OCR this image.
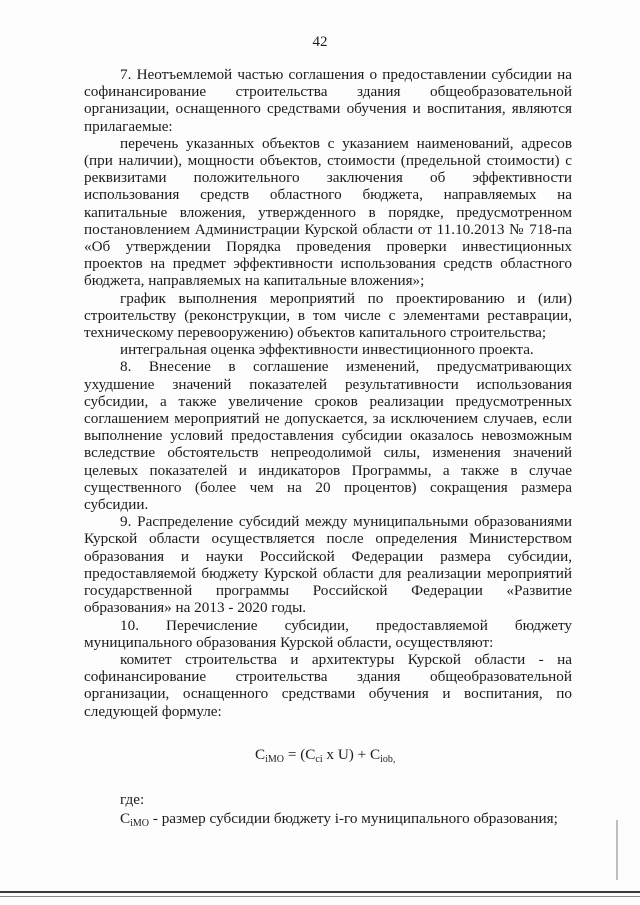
42

7. Неотъемлемой частью соглашения о предоставлении субсидии на софинансирование строительства здания общеобразовательной организации, оснащенного средствами обучения и воспитания, являются прилагаемые:

перечень указанных объектов с указанием наименований, адресов (при наличии), мощности объектов, стоимости (предельной стоимости) с реквизитами положительного заключения об эффективности использования средств областного бюджета, направляемых на капитальные вложения, утвержденного в порядке, предусмотренном постановлением Администрации Курской области от 11.10.2013 № 718-па «Об утверждении Порядка проведения проверки инвестиционных проектов на предмет эффективности использования средств областного бюджета, направляемых на капитальные вложения»;

график выполнения мероприятий по проектированию и (или) строительству (реконструкции, в том числе с элементами реставрации, техническому перевооружению) объектов капитального строительства;

интегральная оценка эффективности инвестиционного проекта.

8. Внесение в соглашение изменений, предусматривающих ухудшение значений показателей результативности использования субсидии, а также увеличение сроков реализации предусмотренных соглашением мероприятий не допускается, за исключением случаев, если выполнение условий предоставления субсидии оказалось невозможным вследствие обстоятельств непреодолимой силы, изменения значений целевых показателей и индикаторов Программы, а также в случае существенного (более чем на 20 процентов) сокращения размера субсидии.

9. Распределение субсидий между муниципальными образованиями Курской области осуществляется после определения Министерством образования и науки Российской Федерации размера субсидии, предоставляемой бюджету Курской области для реализации мероприятий государственной программы Российской Федерации «Развитие образования» на 2013 - 2020 годы.

10. Перечисление субсидии, предоставляемой бюджету муниципального образования Курской области, осуществляют:

комитет строительства и архитектуры Курской области - на софинансирование строительства здания общеобразовательной организации, оснащенного средствами обучения и воспитания, по следующей формуле:

$C_{iMO} = (C_{ci}$ x $U) + C_{iob,}$

где:

$C_{iMO}$ - размер субсидии бюджету i-го муниципального образования;
